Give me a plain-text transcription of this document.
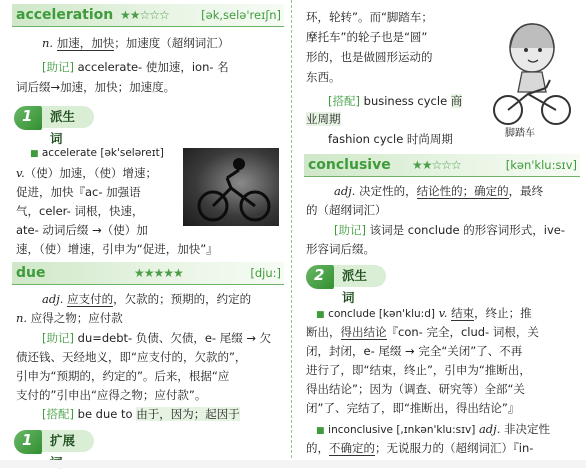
acceleration ★★☆☆☆	[ək,selə'reɪʃn]
n. 加速，加快；加速度（超纲词汇）
[助记] accelerate- 使加速，ion- 名
词后缀→加速，加快；加速度。
1	派生词
■ accelerate [ək'seləreɪt]
v.（使）加速，（使）增速；
促进，加快『ac- 加强语
气，celer- 词根，快速，
ate- 动词后缀 →（使）加
速，（使）增速，引申为“促进，加快”』
due	★★★★★	[dju:]
adj. 应支付的，欠款的；预期的，约定的
n. 应得之物；应付款
[助记] du=debt- 负债、欠债，e- 尾缀 → 欠
债还钱、天经地义，即“应支付的，欠款的”，
引申为“预期的，约定的”。后来，根据“应
支付的”引申出“应得之物；应付款”。
[搭配] be due to 由于，因为；起因于
1	扩展
环，轮转”。而“脚踏车；
摩托车”的轮子也是“圆”
形的，也是做圆形运动的
东西。
[搭配] business cycle 商
业周期
fashion cycle 时尚周期
conclusive ★★☆☆☆	[kən'klu:sɪv]
adj. 决定性的，结论性的；确定的，最终
的（超纲词汇）
[助记] 该词是 conclude 的形容词形式，ive-
形容词后缀。
2	派生词
■ conclude [kən'klu:d] v. 结束，终止；推
断出，得出结论『con- 完全，clud- 词根，关
闭，封闭，e- 尾缀 → 完全“关闭”了、不再
进行了，即“结束，终止”，引申为“推断出，
得出结论”；因为（调查、研究等）全部“关
闭”了、完结了，即“推断出，得出结论”』
■ inconclusive [,ɪnkən'klu:sɪv] adj. 非决定性
的，不确定的；无说服力的（超纲词汇）『in-
脚踏车
